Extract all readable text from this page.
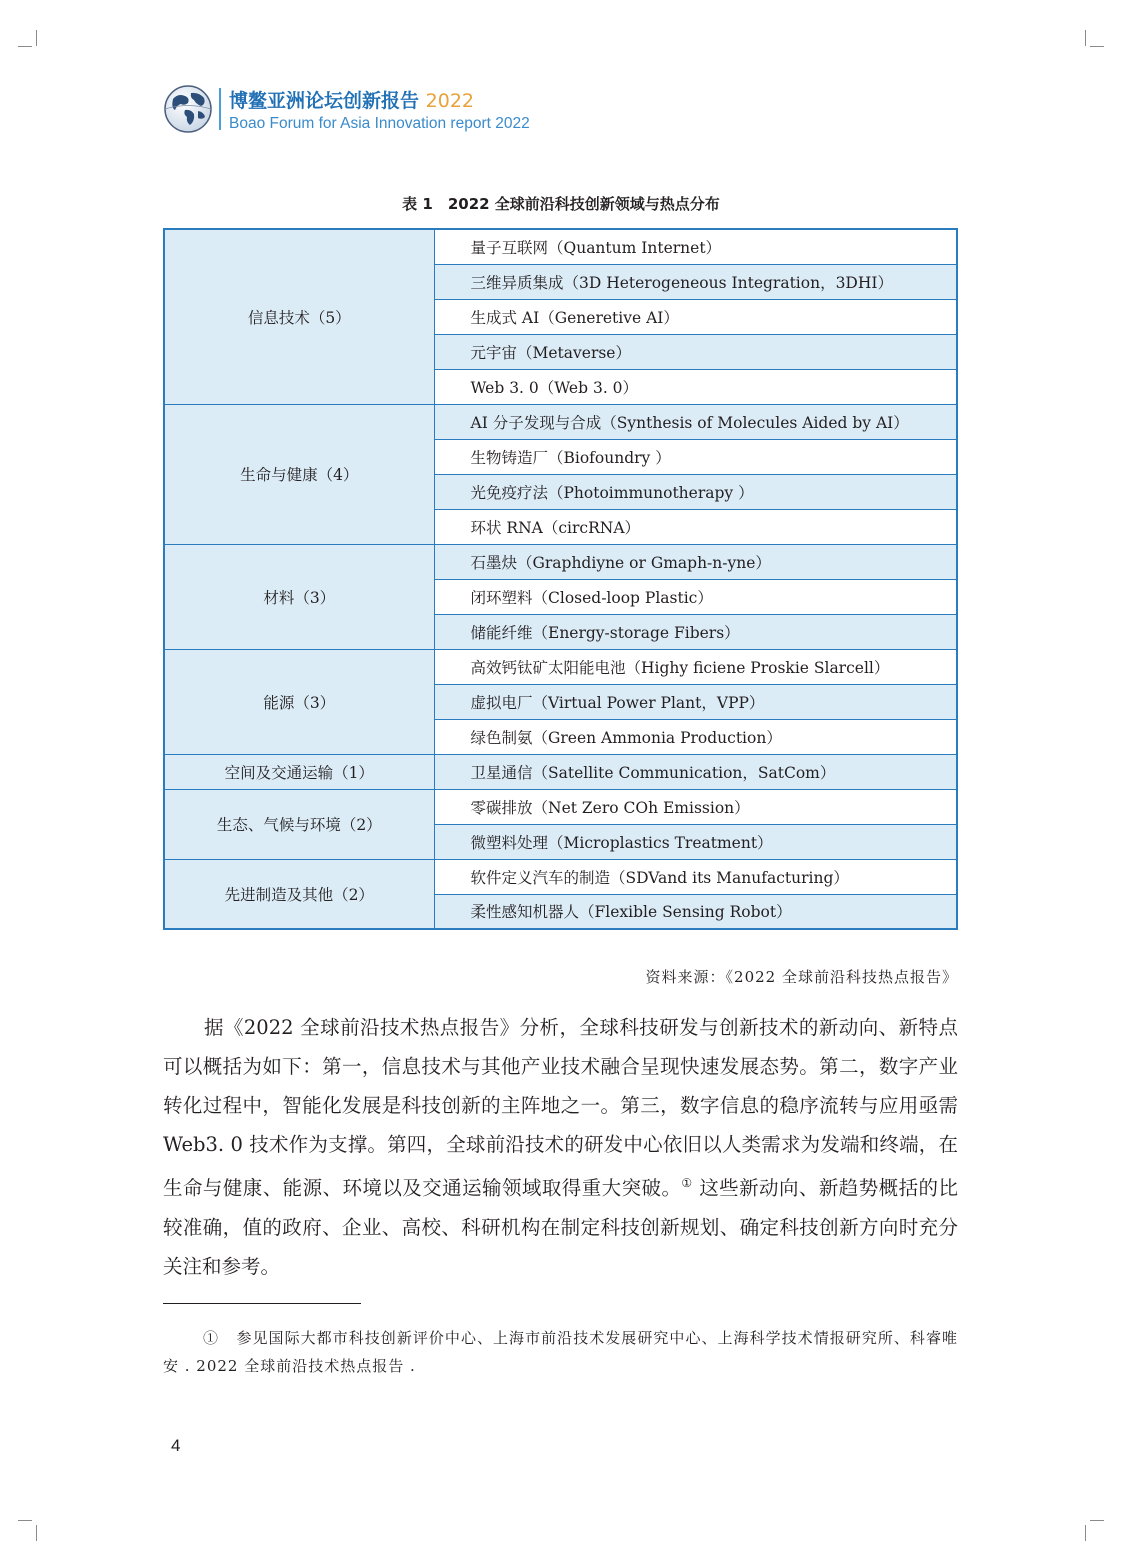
博鳌亚洲论坛创新报告 2022
Boao Forum for Asia Innovation report 2022
表 1　2022 全球前沿科技创新领域与热点分布
信息技术（5）	量子互联网（Quantum Internet）
	三维异质集成（3D Heterogeneous Integration，3DHI）
	生成式 AI（Generetive AI）
	元宇宙（Metaverse）
	Web 3. 0（Web 3. 0）
生命与健康（4）	AI 分子发现与合成（Synthesis of Molecules Aided by AI）
	生物铸造厂（Biofoundry ）
	光免疫疗法（Photoimmunotherapy ）
	环状 RNA（circRNA）
材料（3）	石墨炔（Graphdiyne or Gmaph-n-yne）
	闭环塑料（Closed-loop Plastic）
	储能纤维（Energy-storage Fibers）
能源（3）	高效钙钛矿太阳能电池（Highy ficiene Proskie Slarcell）
	虚拟电厂（Virtual Power Plant，VPP）
	绿色制氨（Green Ammonia Production）
空间及交通运输（1）	卫星通信（Satellite Communication，SatCom）
生态、气候与环境（2）	零碳排放（Net Zero COh Emission）
	微塑料处理（Microplastics Treatment）
先进制造及其他（2）	软件定义汽车的制造（SDVand its Manufacturing）
	柔性感知机器人（Flexible Sensing Robot）
资料来源：《2022 全球前沿科技热点报告》

据《2022 全球前沿技术热点报告》分析，全球科技研发与创新技术的新动向、新特点可以概括为如下：第一，信息技术与其他产业技术融合呈现快速发展态势。第二，数字产业转化过程中，智能化发展是科技创新的主阵地之一。第三，数字信息的稳序流转与应用亟需 Web3. 0 技术作为支撑。第四，全球前沿技术的研发中心依旧以人类需求为发端和终端，在生命与健康、能源、环境以及交通运输领域取得重大突破。① 这些新动向、新趋势概括的比较准确，值的政府、企业、高校、科研机构在制定科技创新规划、确定科技创新方向时充分关注和参考。

① 参见国际大都市科技创新评价中心、上海市前沿技术发展研究中心、上海科学技术情报研究所、科睿唯安 . 2022 全球前沿技术热点报告 .

4
